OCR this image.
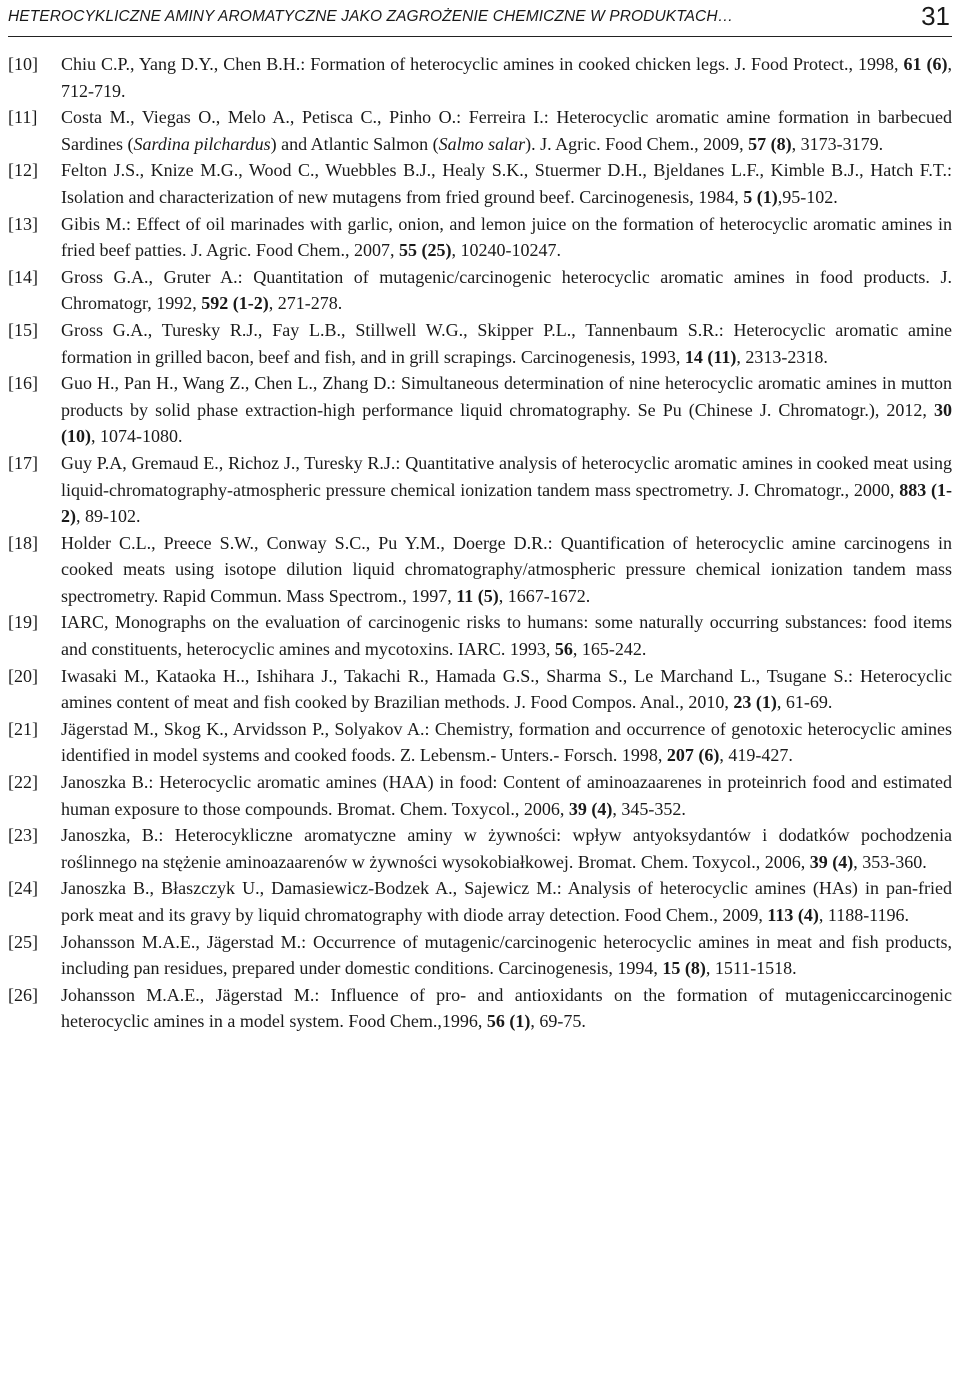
HETEROCYKLICZNE AMINY AROMATYCZNE JAKO ZAGROŻENIE CHEMICZNE W PRODUKTACH…	31
[10] Chiu C.P., Yang D.Y., Chen B.H.: Formation of heterocyclic amines in cooked chicken legs. J. Food Protect., 1998, 61 (6), 712-719.
[11] Costa M., Viegas O., Melo A., Petisca C., Pinho O.: Ferreira I.: Heterocyclic aromatic amine formation in barbecued Sardines (Sardina pilchardus) and Atlantic Salmon (Salmo salar). J. Agric. Food Chem., 2009, 57 (8), 3173-3179.
[12] Felton J.S., Knize M.G., Wood C., Wuebbles B.J., Healy S.K., Stuermer D.H., Bjeldanes L.F., Kimble B.J., Hatch F.T.: Isolation and characterization of new mutagens from fried ground beef. Carcinogenesis, 1984, 5 (1),95-102.
[13] Gibis M.: Effect of oil marinades with garlic, onion, and lemon juice on the formation of heterocyclic aromatic amines in fried beef patties. J. Agric. Food Chem., 2007, 55 (25), 10240-10247.
[14] Gross G.A., Gruter A.: Quantitation of mutagenic/carcinogenic heterocyclic aromatic amines in food products. J. Chromatogr, 1992, 592 (1-2), 271-278.
[15] Gross G.A., Turesky R.J., Fay L.B., Stillwell W.G., Skipper P.L., Tannenbaum S.R.: Heterocyclic aromatic amine formation in grilled bacon, beef and fish, and in grill scrapings. Carcinogenesis, 1993, 14 (11), 2313-2318.
[16] Guo H., Pan H., Wang Z., Chen L., Zhang D.: Simultaneous determination of nine heterocyclic aromatic amines in mutton products by solid phase extraction-high performance liquid chromatography. Se Pu (Chinese J. Chromatogr.), 2012, 30 (10), 1074-1080.
[17] Guy P.A, Gremaud E., Richoz J., Turesky R.J.: Quantitative analysis of heterocyclic aromatic amines in cooked meat using liquid-chromatography-atmospheric pressure chemical ionization tandem mass spectrometry. J. Chromatogr., 2000, 883 (1-2), 89-102.
[18] Holder C.L., Preece S.W., Conway S.C., Pu Y.M., Doerge D.R.: Quantification of heterocyclic amine carcinogens in cooked meats using isotope dilution liquid chromatography/atmospheric pressure chemical ionization tandem mass spectrometry. Rapid Commun. Mass Spectrom., 1997, 11 (5), 1667-1672.
[19] IARC, Monographs on the evaluation of carcinogenic risks to humans: some naturally occurring substances: food items and constituents, heterocyclic amines and mycotoxins. IARC. 1993, 56, 165-242.
[20] Iwasaki M., Kataoka H.., Ishihara J., Takachi R., Hamada G.S., Sharma S., Le Marchand L., Tsugane S.: Heterocyclic amines content of meat and fish cooked by Brazilian methods. J. Food Compos. Anal., 2010, 23 (1), 61-69.
[21] Jägerstad M., Skog K., Arvidsson P., Solyakov A.: Chemistry, formation and occurrence of genotoxic heterocyclic amines identified in model systems and cooked foods. Z. Lebensm.- Unters.- Forsch. 1998, 207 (6), 419-427.
[22] Janoszka B.: Heterocyclic aromatic amines (HAA) in food: Content of aminoazaarenes in proteinrich food and estimated human exposure to those compounds. Bromat. Chem. Toxycol., 2006, 39 (4), 345-352.
[23] Janoszka, B.: Heterocykliczne aromatyczne aminy w żywności: wpływ antyoksydantów i dodatków pochodzenia roślinnego na stężenie aminoazaarenów w żywności wysokobiałkowej. Bromat. Chem. Toxycol., 2006, 39 (4), 353-360.
[24] Janoszka B., Błaszczyk U., Damasiewicz-Bodzek A., Sajewicz M.: Analysis of heterocyclic amines (HAs) in pan-fried pork meat and its gravy by liquid chromatography with diode array detection. Food Chem., 2009, 113 (4), 1188-1196.
[25] Johansson M.A.E., Jägerstad M.: Occurrence of mutagenic/carcinogenic heterocyclic amines in meat and fish products, including pan residues, prepared under domestic conditions. Carcinogenesis, 1994, 15 (8), 1511-1518.
[26] Johansson M.A.E., Jägerstad M.: Influence of pro- and antioxidants on the formation of mutageniccarcinogenic heterocyclic amines in a model system. Food Chem.,1996, 56 (1), 69-75.
